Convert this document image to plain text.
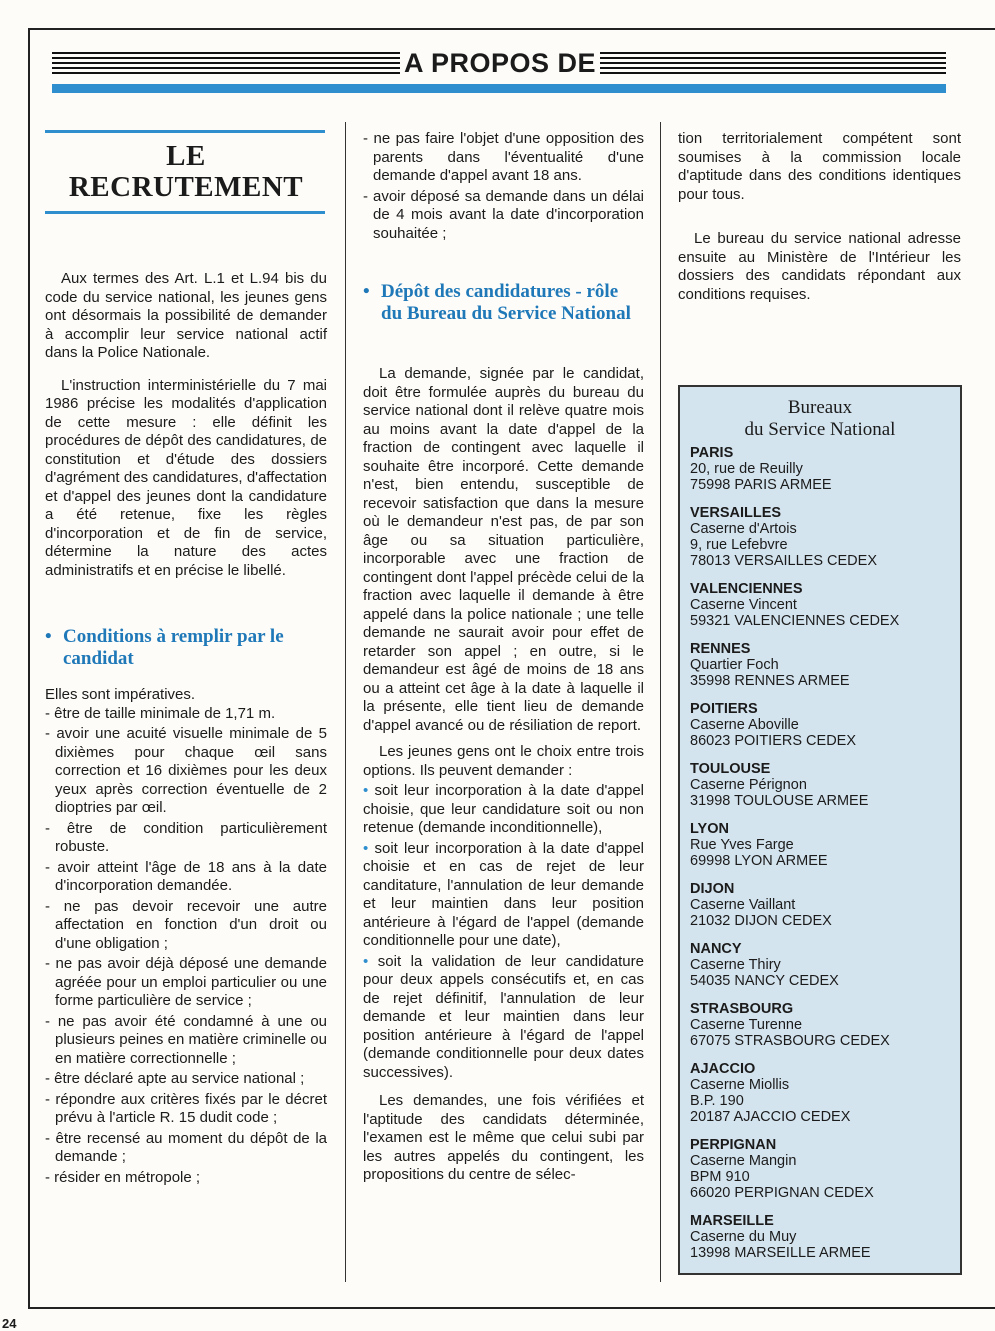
24
A PROPOS DE
LE
RECRUTEMENT

Aux termes des Art. L.1 et L.94 bis du code du service national, les jeunes gens ont désormais la possibilité de demander à accomplir leur service national actif dans la Police Nationale.

L'instruction interministérielle du 7 mai 1986 précise les modalités d'application de cette mesure : elle définit les procédures de dépôt des candidatures, de constitution et d'étude des dossiers d'agrément des candidatures, d'affectation et d'appel des jeunes dont la candidature a été retenue, fixe les règles d'incorporation et de fin de service, détermine la nature des actes administratifs et en précise le libellé.

• Conditions à remplir par le candidat

Elles sont impératives.

- être de taille minimale de 1,71 m.

- avoir une acuité visuelle minimale de 5 dixièmes pour chaque œil sans correction et 16 dixièmes pour les deux yeux après correction éventuelle de 2 dioptries par œil.

- être de condition particulièrement robuste.

- avoir atteint l'âge de 18 ans à la date d'incorporation demandée.

- ne pas devoir recevoir une autre affectation en fonction d'un droit ou d'une obligation ;

- ne pas avoir déjà déposé une demande agréée pour un emploi particulier ou une forme particulière de service ;

- ne pas avoir été condamné à une ou plusieurs peines en matière criminelle ou en matière correctionnelle ;

- être déclaré apte au service national ;

- répondre aux critères fixés par le décret prévu à l'article R. 15 dudit code ;

- être recensé au moment du dépôt de la demande ;

- résider en métropole ;

- ne pas faire l'objet d'une opposition des parents dans l'éventualité d'une demande d'appel avant 18 ans.

- avoir déposé sa demande dans un délai de 4 mois avant la date d'incorporation souhaitée ;

• Dépôt des candidatures - rôle du Bureau du Service National

La demande, signée par le candidat, doit être formulée auprès du bureau du service national dont il relève quatre mois au moins avant la date d'appel de la fraction de contingent avec laquelle il souhaite être incorporé. Cette demande n'est, bien entendu, susceptible de recevoir satisfaction que dans la mesure où le demandeur n'est pas, de par son âge ou sa situation particulière, incorporable avec une fraction de contingent dont l'appel précède celui de la fraction avec laquelle il demande à être appelé dans la police nationale ; une telle demande ne saurait avoir pour effet de retarder son appel ; en outre, si le demandeur est âgé de moins de 18 ans ou a atteint cet âge à la date à laquelle il la présente, elle tient lieu de demande d'appel avancé ou de résiliation de report.

Les jeunes gens ont le choix entre trois options. Ils peuvent demander :

• soit leur incorporation à la date d'appel choisie, que leur candidature soit ou non retenue (demande inconditionnelle),

• soit leur incorporation à la date d'appel choisie et en cas de rejet de leur canditature, l'annulation de leur demande et leur maintien dans leur position antérieure à l'égard de l'appel (demande conditionnelle pour une date),

• soit la validation de leur candidature pour deux appels consécutifs et, en cas de rejet définitif, l'annulation de leur demande et leur maintien dans leur position antérieure à l'égard de l'appel (demande conditionnelle pour deux dates successives).

Les demandes, une fois vérifiées et l'aptitude des candidats déterminée, l'examen est le même que celui subi par les autres appelés du contingent, les propositions du centre de sélec-

tion territorialement compétent sont soumises à la commission locale d'aptitude dans des conditions identiques pour tous.

Le bureau du service national adresse ensuite au Ministère de l'Intérieur les dossiers des candidats répondant aux conditions requises.

Bureaux
du Service National
PARIS
20, rue de Reuilly
75998 PARIS ARMEE
VERSAILLES
Caserne d'Artois
9, rue Lefebvre
78013 VERSAILLES CEDEX
VALENCIENNES
Caserne Vincent
59321 VALENCIENNES CEDEX
RENNES
Quartier Foch
35998 RENNES ARMEE
POITIERS
Caserne Aboville
86023 POITIERS CEDEX
TOULOUSE
Caserne Pérignon
31998 TOULOUSE ARMEE
LYON
Rue Yves Farge
69998 LYON ARMEE
DIJON
Caserne Vaillant
21032 DIJON CEDEX
NANCY
Caserne Thiry
54035 NANCY CEDEX
STRASBOURG
Caserne Turenne
67075 STRASBOURG CEDEX
AJACCIO
Caserne Miollis
B.P. 190
20187 AJACCIO CEDEX
PERPIGNAN
Caserne Mangin
BPM 910
66020 PERPIGNAN CEDEX
MARSEILLE
Caserne du Muy
13998 MARSEILLE ARMEE
